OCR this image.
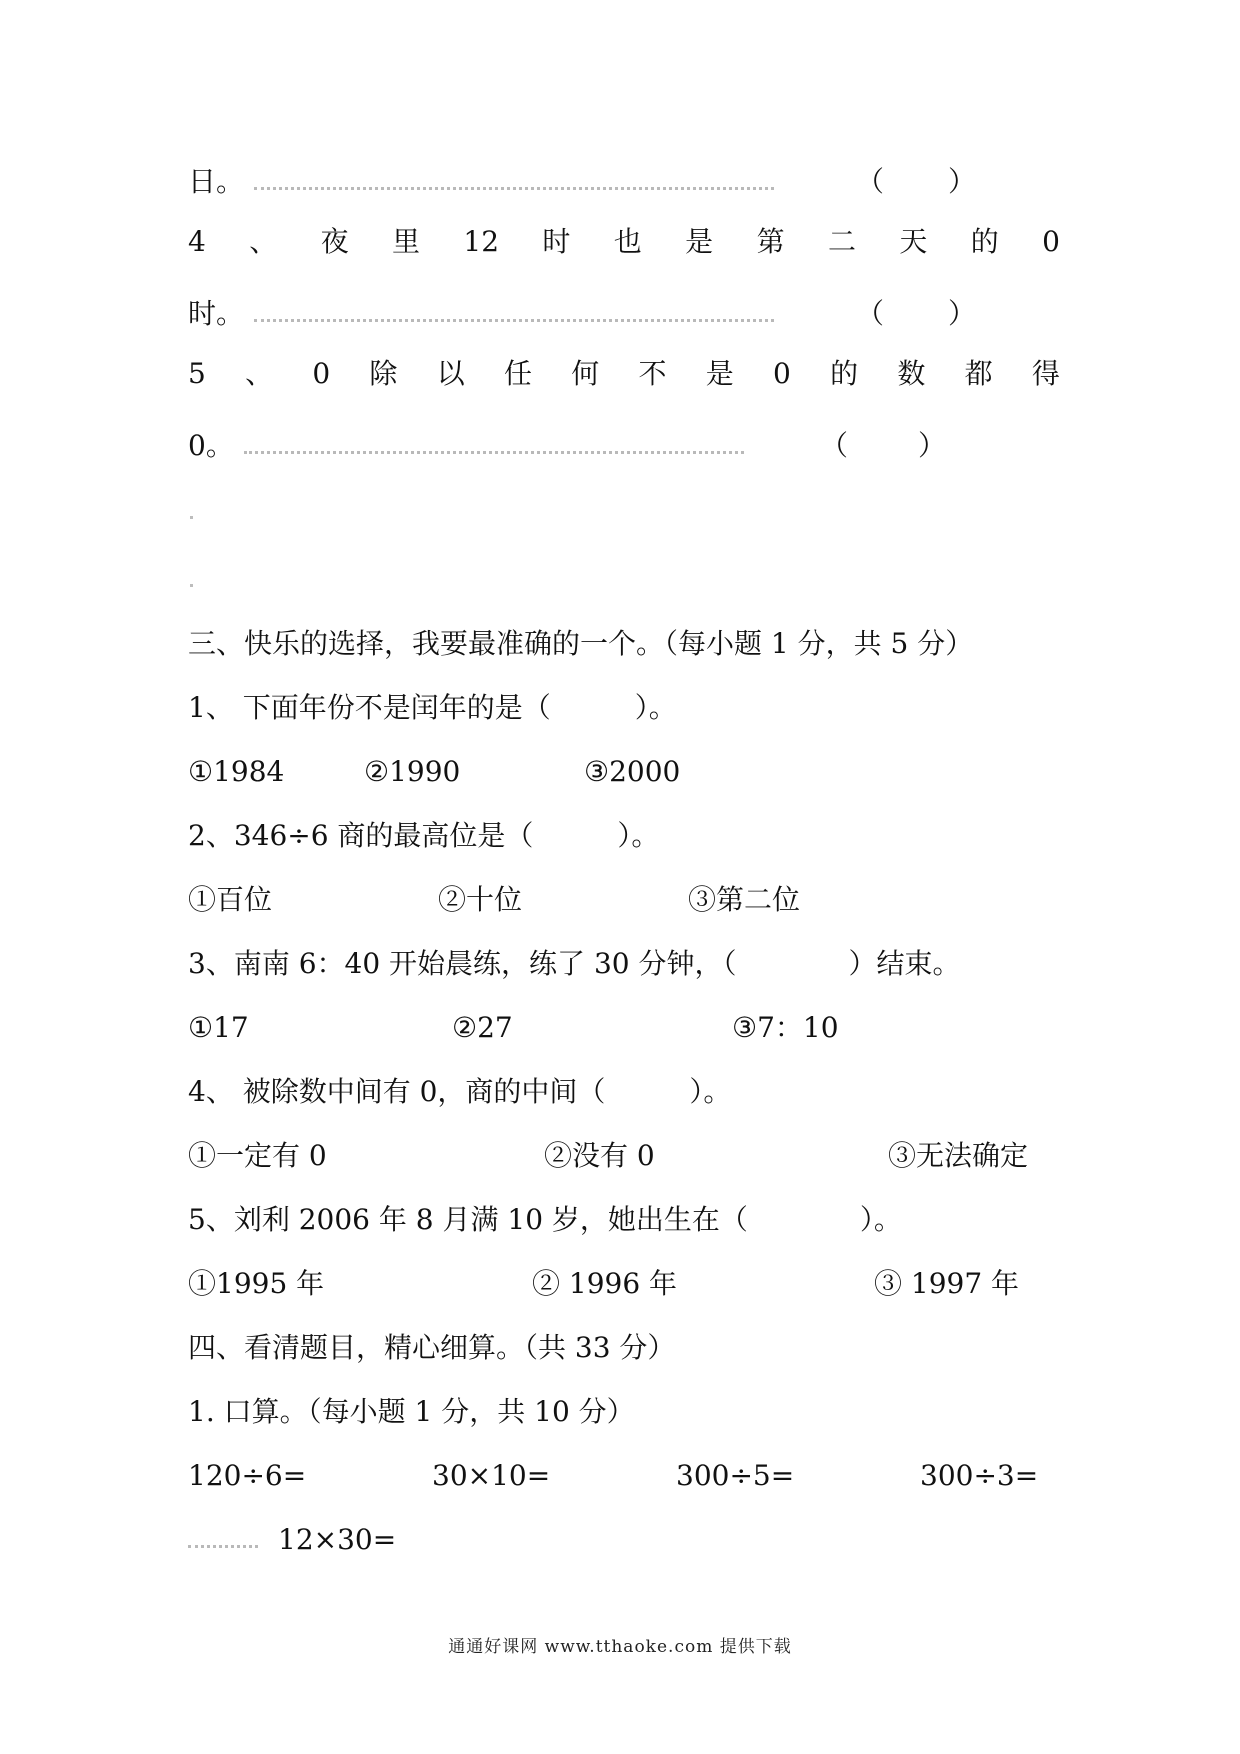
日。	（ ）
4 、 夜 里 12 时 也 是 第 二 天 的 0
时。	（ ）
5 、 0 除 以 任 何 不 是 0 的 数 都 得
0。	（ ）
三、快乐的选择，我要最准确的一个。（每小题 1 分，共 5 分）
1、 下面年份不是闰年的是（　　　）。
①1984	②1990	③2000
2、346÷6 商的最高位是（　　　）。
①百位	②十位	③第二位
3、南南 6：40 开始晨练，练了 30 分钟，（　　　　）结束。
①17	②27	③7：10
4、 被除数中间有 0，商的中间（　　　）。
①一定有 0	②没有 0	③无法确定
5、刘利 2006 年 8 月满 10 岁，她出生在（　　　　）。
①1995 年	② 1996 年	③ 1997 年
四、看清题目，精心细算。（共 33 分）
1. 口算。（每小题 1 分，共 10 分）
120÷6=	30×10=	300÷5=	300÷3=
12×30=
通通好课网 www.tthaoke.com 提供下载
